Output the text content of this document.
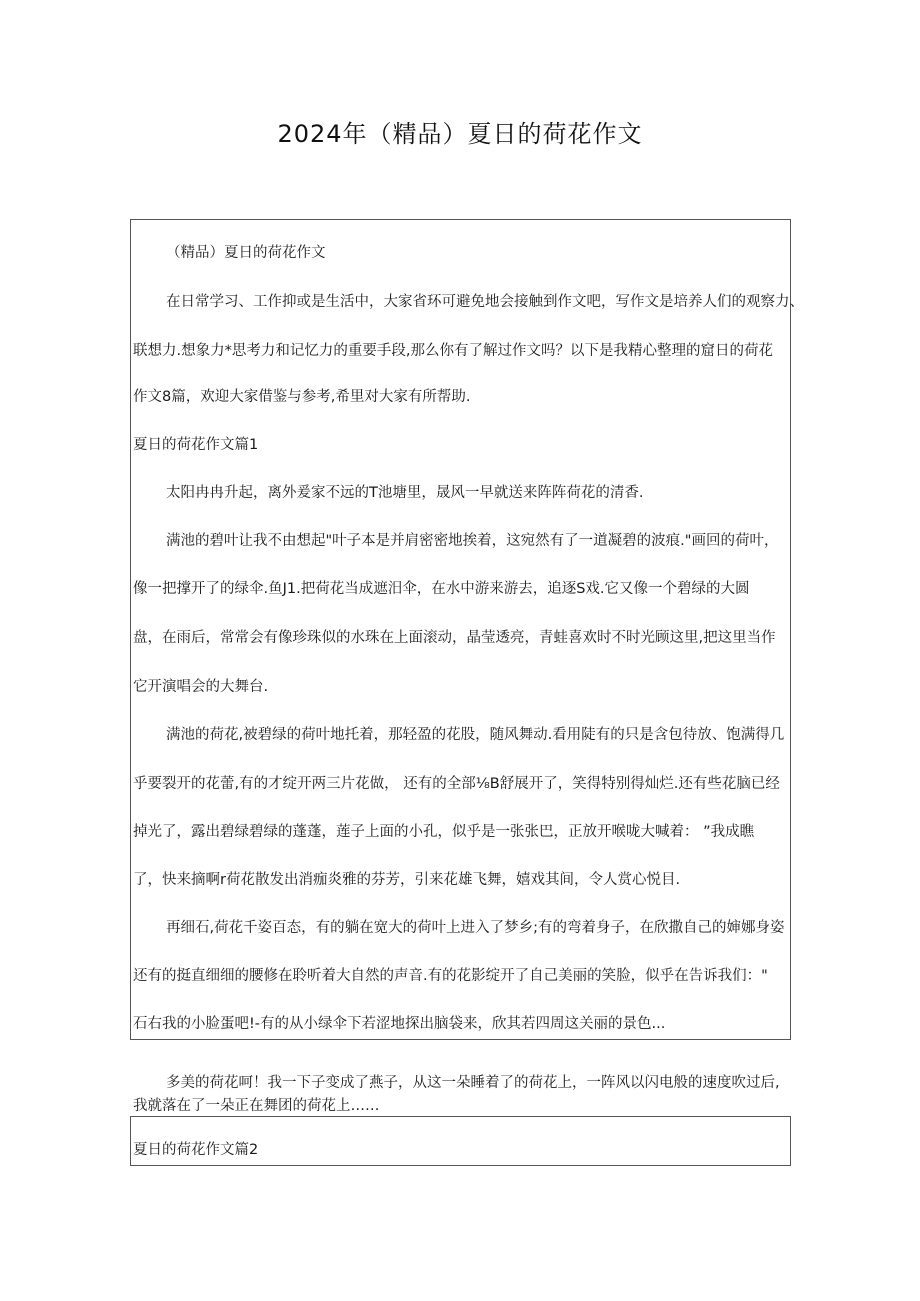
2024年（精品）夏日的荷花作文
（精品）夏日的荷花作文
在日常学习、工作抑或是生活中，大家省环可避免地会接触到作文吧，写作文是培养人们的观察力、
联想力.想象力*思考力和记忆力的重要手段,那么你有了解过作文吗？以下是我精心整理的窟日的荷花
作文8篇，欢迎大家借鉴与参考,希里对大家有所帮助.
夏日的荷花作文篇1
太阳冉冉升起，离外爰家不远的T池塘里，晟风一早就送来阵阵荷花的清香.
满池的碧叶让我不由想起"叶子本是并肩密密地挨着，这宛然有了一道凝碧的波痕."画回的荷叶，
像一把撑开了的绿伞.鱼J1.把荷花当成遮汨伞，在水中游来游去，追逐S戏.它又像一个碧绿的大圆
盘，在雨后，常常会有像珍珠似的水珠在上面滚动，晶莹透亮，青蛙喜欢时不时光顾这里,把这里当作
它开演唱会的大舞台.
满池的荷花,被碧绿的荷叶地托着，那轻盈的花股，随风舞动.看用陡有的只是含包待放、饱满得几
乎要裂开的花蕾,有的才绽开两三片花做， 还有的全部⅛B舒展开了，笑得特别得灿烂.还有些花脑已经
掉光了，露出碧绿碧绿的蓬蓬，莲子上面的小孔，似乎是一张张巴，正放开喉咙大喊着： ”我成瞧
了，快来摘啊r荷花散发出消痂炎雅的芬芳，引来花雄飞舞，嬉戏其间，令人赏心悦目.
再细石,荷花千姿百态，有的躺在宽大的荷叶上进入了梦乡;有的弯着身子，在欣撒自己的婶娜身姿
还有的挺直细细的腰修在聆听着大自然的声音.有的花影绽开了自己美丽的笑脸，似乎在告诉我们："
石右我的小脸蛋吧!-有的从小绿伞下若涩地探出脑袋来，欣其若四周这关丽的景色...
多美的荷花呵！我一下子变成了燕子，从这一朵睡着了的荷花上，一阵风以闪电般的速度吹过后,
我就落在了一朵正在舞团的荷花上……
夏日的荷花作文篇2
